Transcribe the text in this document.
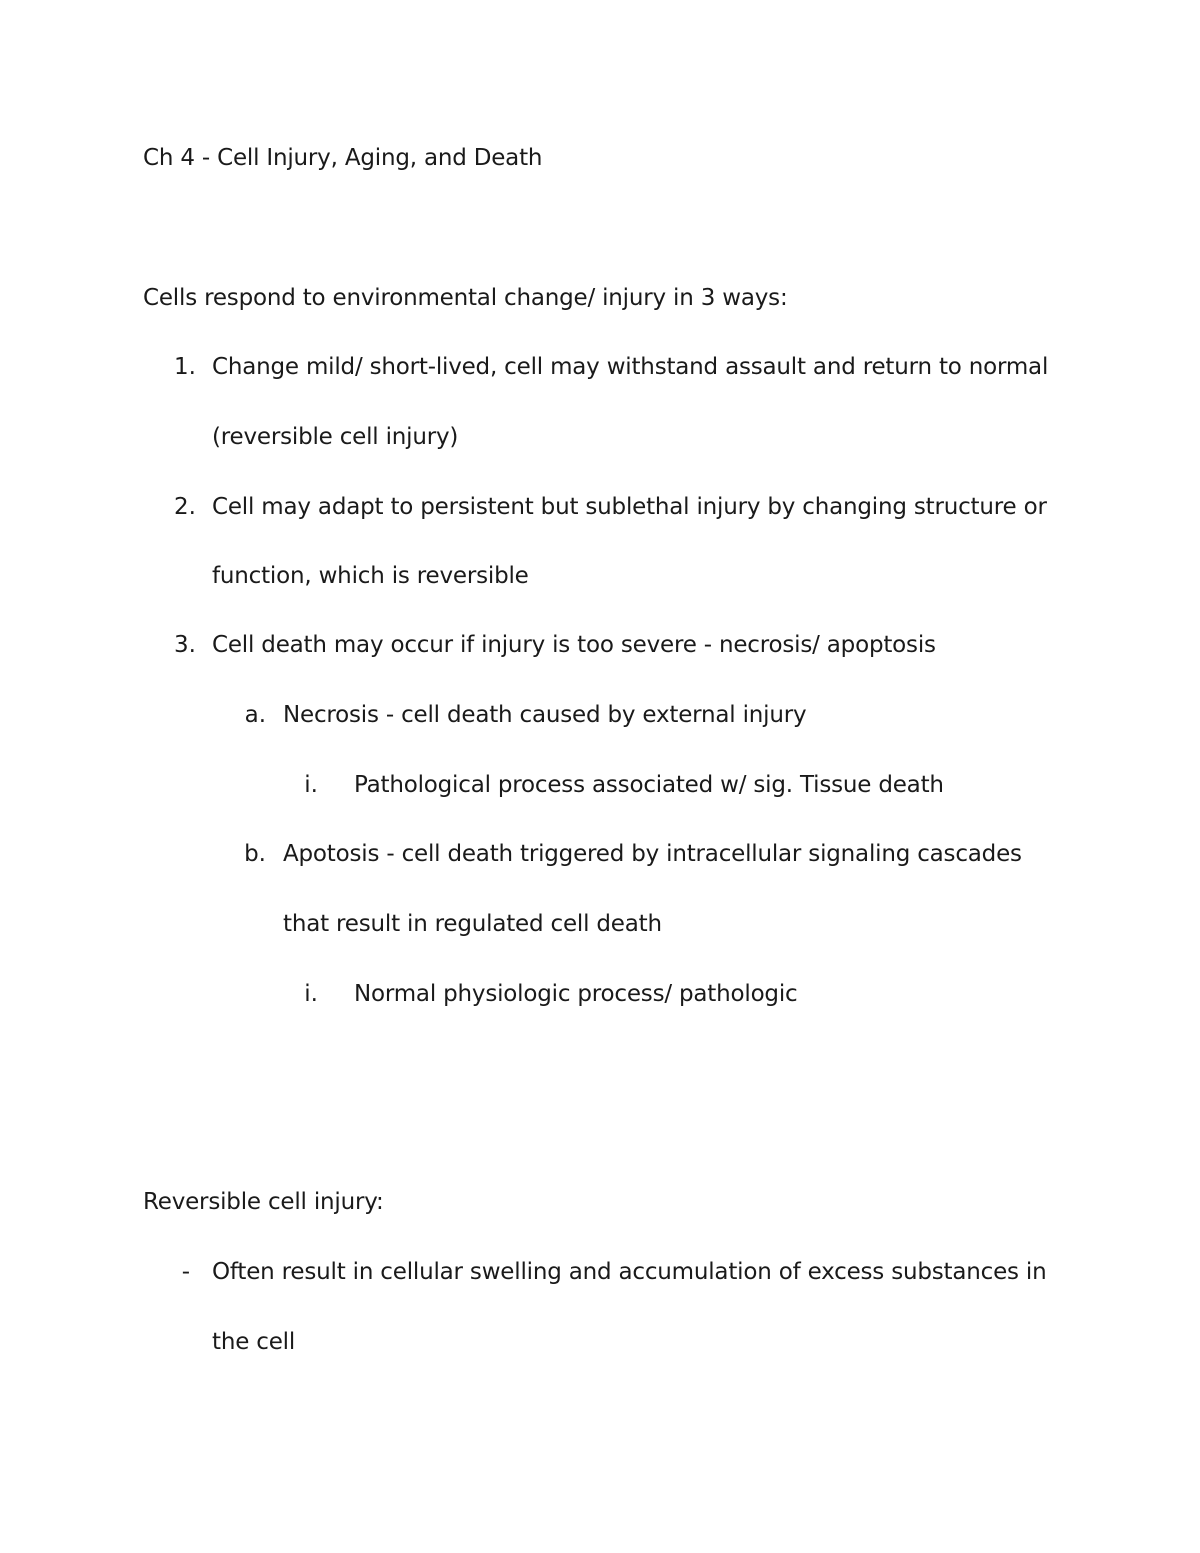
Ch 4 - Cell Injury, Aging, and Death
Cells respond to environmental change/ injury in 3 ways:
1. Change mild/ short-lived, cell may withstand assault and return to normal
(reversible cell injury)
2. Cell may adapt to persistent but sublethal injury by changing structure or
function, which is reversible
3. Cell death may occur if injury is too severe - necrosis/ apoptosis
a. Necrosis - cell death caused by external injury
i. Pathological process associated w/ sig. Tissue death
b. Apotosis - cell death triggered by intracellular signaling cascades
that result in regulated cell death
i. Normal physiologic process/ pathologic
Reversible cell injury:
- Often result in cellular swelling and accumulation of excess substances in
the cell
